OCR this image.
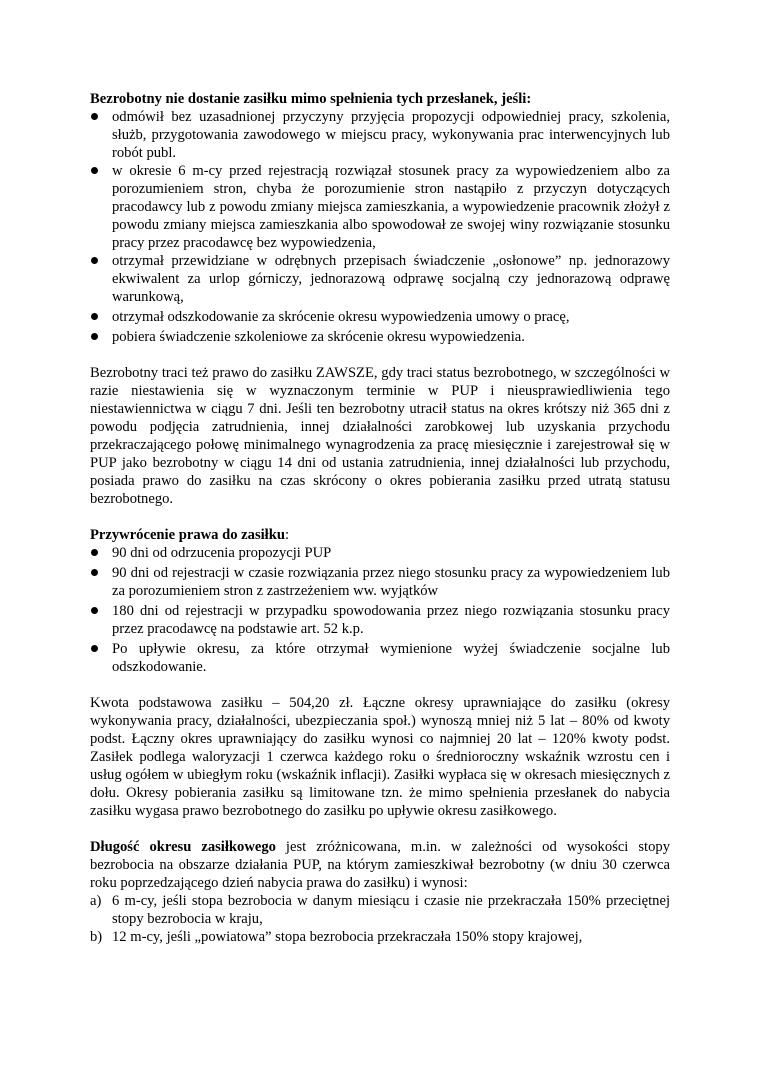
Bezrobotny nie dostanie zasiłku mimo spełnienia tych przesłanek, jeśli:

odmówił bez uzasadnionej przyczyny przyjęcia propozycji odpowiedniej pracy, szkolenia, służb, przygotowania zawodowego w miejscu pracy, wykonywania prac interwencyjnych lub robót publ.
w okresie 6 m-cy przed rejestracją rozwiązał stosunek pracy za wypowiedzeniem albo za porozumieniem stron, chyba że porozumienie stron nastąpiło z przyczyn dotyczących pracodawcy lub z powodu zmiany miejsca zamieszkania, a wypowiedzenie pracownik złożył z powodu zmiany miejsca zamieszkania albo spowodował ze swojej winy rozwiązanie stosunku pracy przez pracodawcę bez wypowiedzenia,
otrzymał przewidziane w odrębnych przepisach świadczenie „osłonowe” np. jednorazowy ekwiwalent za urlop górniczy, jednorazową odprawę socjalną czy jednorazową odprawę warunkową,
otrzymał odszkodowanie za skrócenie okresu wypowiedzenia umowy o pracę,
pobiera świadczenie szkoleniowe za skrócenie okresu wypowiedzenia.

Bezrobotny traci też prawo do zasiłku ZAWSZE, gdy traci status bezrobotnego, w szczególności w razie niestawienia się w wyznaczonym terminie w PUP i nieusprawiedliwienia tego niestawiennictwa w ciągu 7 dni. Jeśli ten bezrobotny utracił status na okres krótszy niż 365 dni z powodu podjęcia zatrudnienia, innej działalności zarobkowej lub uzyskania przychodu przekraczającego połowę minimalnego wynagrodzenia za pracę miesięcznie i zarejestrował się w PUP jako bezrobotny w ciągu 14 dni od ustania zatrudnienia, innej działalności lub przychodu, posiada prawo do zasiłku na czas skrócony o okres pobierania zasiłku przed utratą statusu bezrobotnego.

Przywrócenie prawa do zasiłku:

90 dni od odrzucenia propozycji PUP
90 dni od rejestracji w czasie rozwiązania przez niego stosunku pracy za wypowiedzeniem lub za porozumieniem stron z zastrzeżeniem ww. wyjątków
180 dni od rejestracji w przypadku spowodowania przez niego rozwiązania stosunku pracy przez pracodawcę na podstawie art. 52 k.p.
Po upływie okresu, za które otrzymał wymienione wyżej świadczenie socjalne lub odszkodowanie.

Kwota podstawowa zasiłku – 504,20 zł. Łączne okresy uprawniające do zasiłku (okresy wykonywania pracy, działalności, ubezpieczania społ.) wynoszą mniej niż 5 lat – 80% od kwoty podst. Łączny okres uprawniający do zasiłku wynosi co najmniej 20 lat – 120% kwoty podst. Zasiłek podlega waloryzacji 1 czerwca każdego roku o średnioroczny wskaźnik wzrostu cen i usług ogółem w ubiegłym roku (wskaźnik inflacji). Zasiłki wypłaca się w okresach miesięcznych z dołu. Okresy pobierania zasiłku są limitowane tzn. że mimo spełnienia przesłanek do nabycia zasiłku wygasa prawo bezrobotnego do zasiłku po upływie okresu zasiłkowego.

Długość okresu zasiłkowego jest zróżnicowana, m.in. w zależności od wysokości stopy bezrobocia na obszarze działania PUP, na którym zamieszkiwał bezrobotny (w dniu 30 czerwca roku poprzedzającego dzień nabycia prawa do zasiłku) i wynosi:

a) 6 m-cy, jeśli stopa bezrobocia w danym miesiącu i czasie nie przekraczała 150% przeciętnej stopy bezrobocia w kraju,
b) 12 m-cy, jeśli „powiatowa” stopa bezrobocia przekraczała 150% stopy krajowej,
